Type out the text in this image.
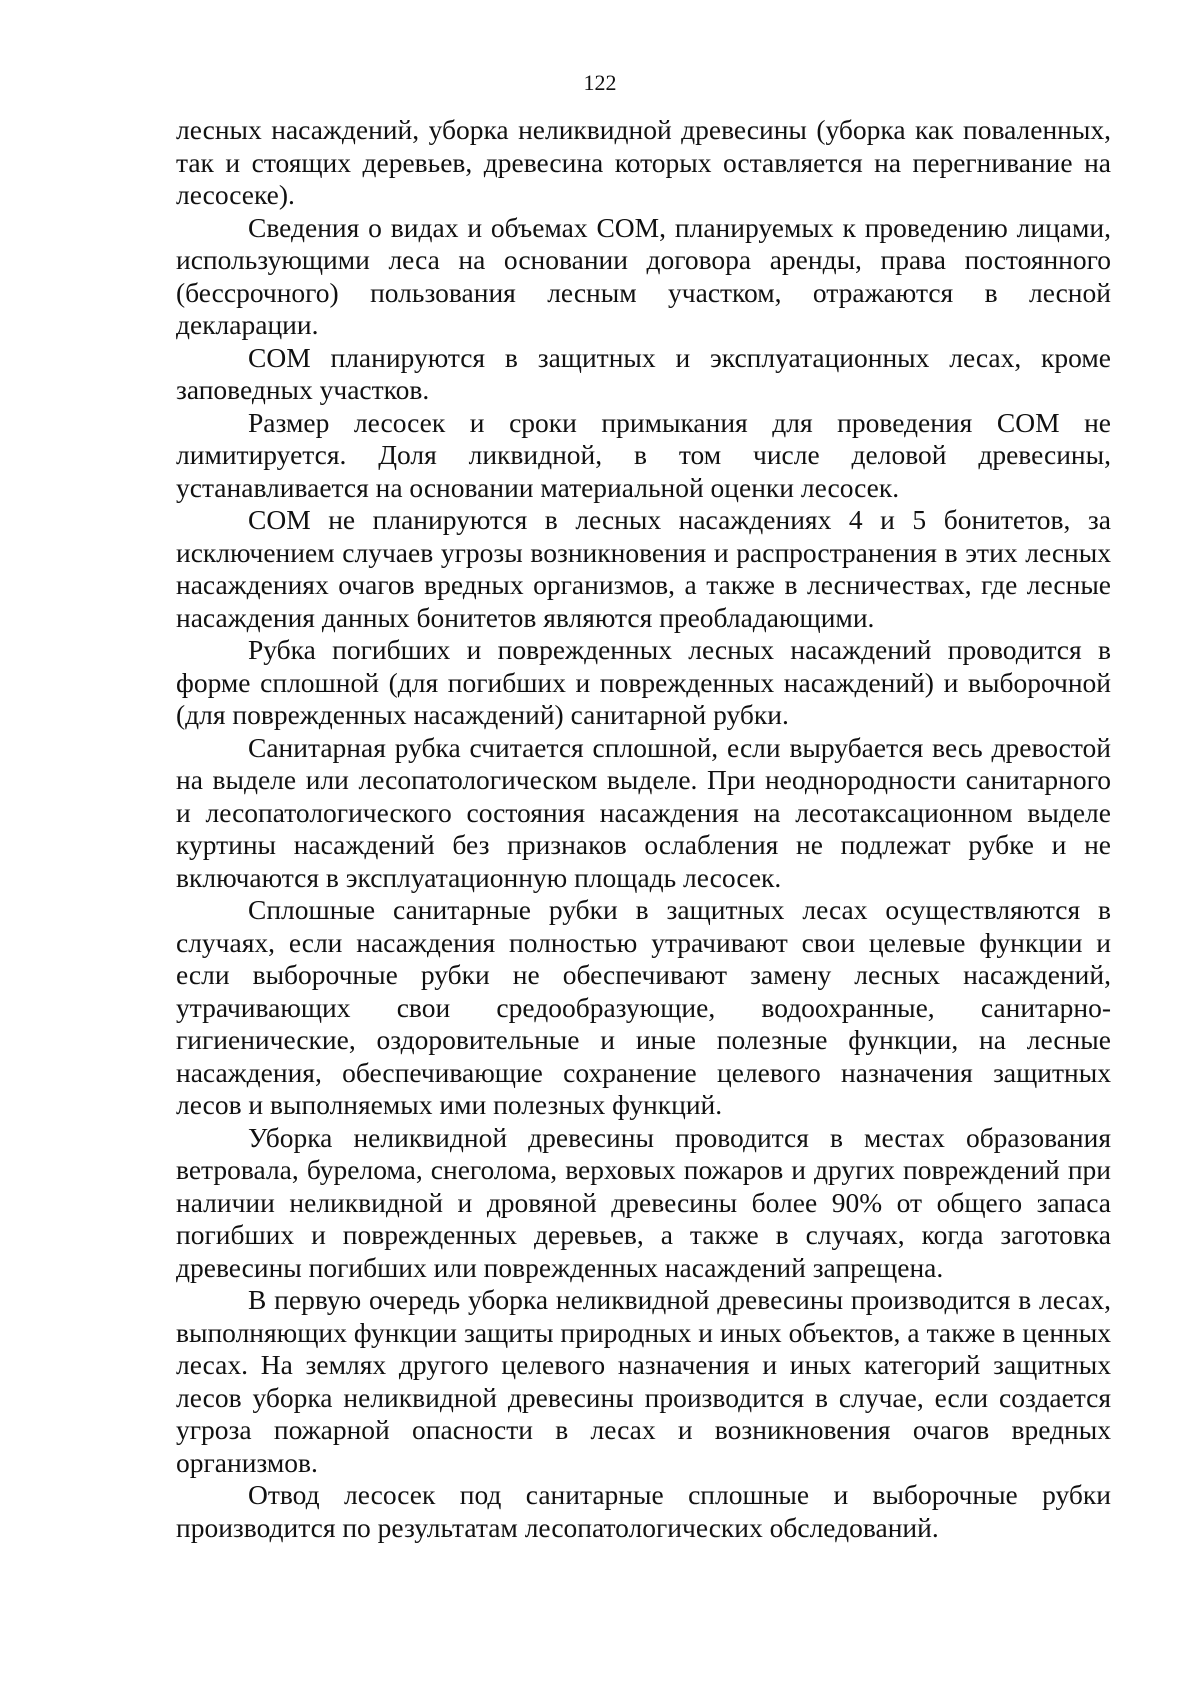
122

лесных насаждений, уборка неликвидной древесины (уборка как поваленных, так и стоящих деревьев, древесина которых оставляется на перегнивание на лесосеке).

Сведения о видах и объемах СОМ, планируемых к проведению лицами, использующими леса на основании договора аренды, права постоянного (бессрочного) пользования лесным участком, отражаются в лесной декларации.

СОМ планируются в защитных и эксплуатационных лесах, кроме заповедных участков.

Размер лесосек и сроки примыкания для проведения СОМ не лимитируется. Доля ликвидной, в том числе деловой древесины, устанавливается на основании материальной оценки лесосек.

СОМ не планируются в лесных насаждениях 4 и 5 бонитетов, за исключением случаев угрозы возникновения и распространения в этих лесных насаждениях очагов вредных организмов, а также в лесничествах, где лесные насаждения данных бонитетов являются преобладающими.

Рубка погибших и поврежденных лесных насаждений проводится в форме сплошной (для погибших и поврежденных насаждений) и выборочной (для поврежденных насаждений) санитарной рубки.

Санитарная рубка считается сплошной, если вырубается весь древостой на выделе или лесопатологическом выделе. При неоднородности санитарного и лесопатологического состояния насаждения на лесотаксационном выделе куртины насаждений без признаков ослабления не подлежат рубке и не включаются в эксплуатационную площадь лесосек.

Сплошные санитарные рубки в защитных лесах осуществляются в случаях, если насаждения полностью утрачивают свои целевые функции и если выборочные рубки не обеспечивают замену лесных насаждений, утрачивающих свои средообразующие, водоохранные, санитарно-гигиенические, оздоровительные и иные полезные функции, на лесные насаждения, обеспечивающие сохранение целевого назначения защитных лесов и выполняемых ими полезных функций.

Уборка неликвидной древесины проводится в местах образования ветровала, бурелома, снеголома, верховых пожаров и других повреждений при наличии неликвидной и дровяной древесины более 90% от общего запаса погибших и поврежденных деревьев, а также в случаях, когда заготовка древесины погибших или поврежденных насаждений запрещена.

В первую очередь уборка неликвидной древесины производится в лесах, выполняющих функции защиты природных и иных объектов, а также в ценных лесах. На землях другого целевого назначения и иных категорий защитных лесов уборка неликвидной древесины производится в случае, если создается угроза пожарной опасности в лесах и возникновения очагов вредных организмов.

Отвод лесосек под санитарные сплошные и выборочные рубки производится по результатам лесопатологических обследований.
